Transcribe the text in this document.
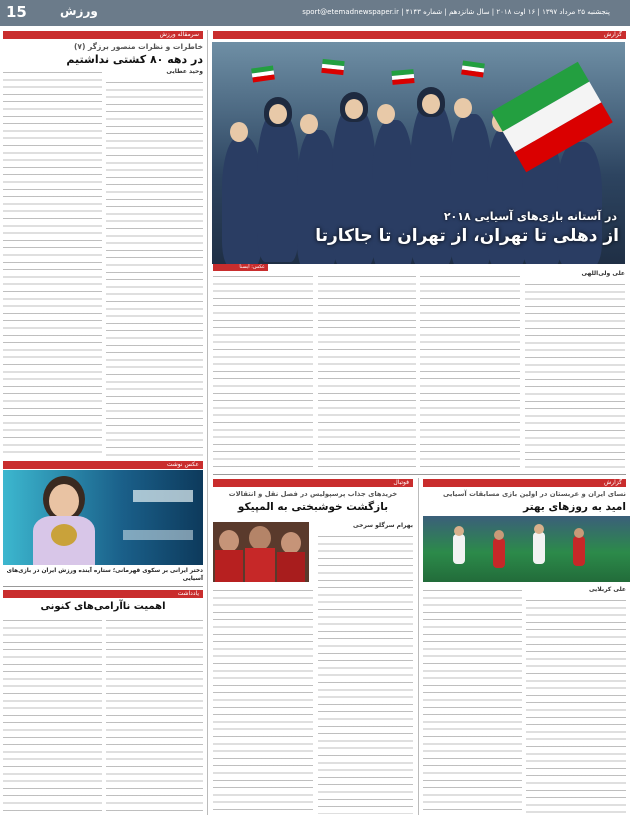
15	ورزش	پنجشنبه ۲۵ مرداد ۱۳۹۷ | ۱۶ اوت ۲۰۱۸ | سال شانزدهم | شماره ۴۱۴۳ | sport@etemadnewspaper.ir
گزارش
در آستانه بازی‌های آسیایی ۲۰۱۸
از دهلی تا تهران، از تهران تا جاکارتا
عکس: ایسنا
علی ولی‌اللهی
سرمقاله ورزش
خاطرات و نظرات منصور برزگر (۷)
در دهه ۸۰ کشتی نداشتیم
وحید عطایی
عکس نوشت
دختر ایرانی بر سکوی قهرمانی؛ ستاره آینده ورزش ایران در بازی‌های آسیایی
یادداشت
اهمیت ناآرامی‌های کنونی
فوتبال
خریدهای جذاب پرسپولیس در فصل نقل و انتقالات
بازگشت خوشبختی به المپیکو
بهرام سرگلو سرخی
گزارش
نسای ایران و عربستان در اولین بازی مسابقات آسیایی
امید به روزهای بهتر
علی کربلایی
